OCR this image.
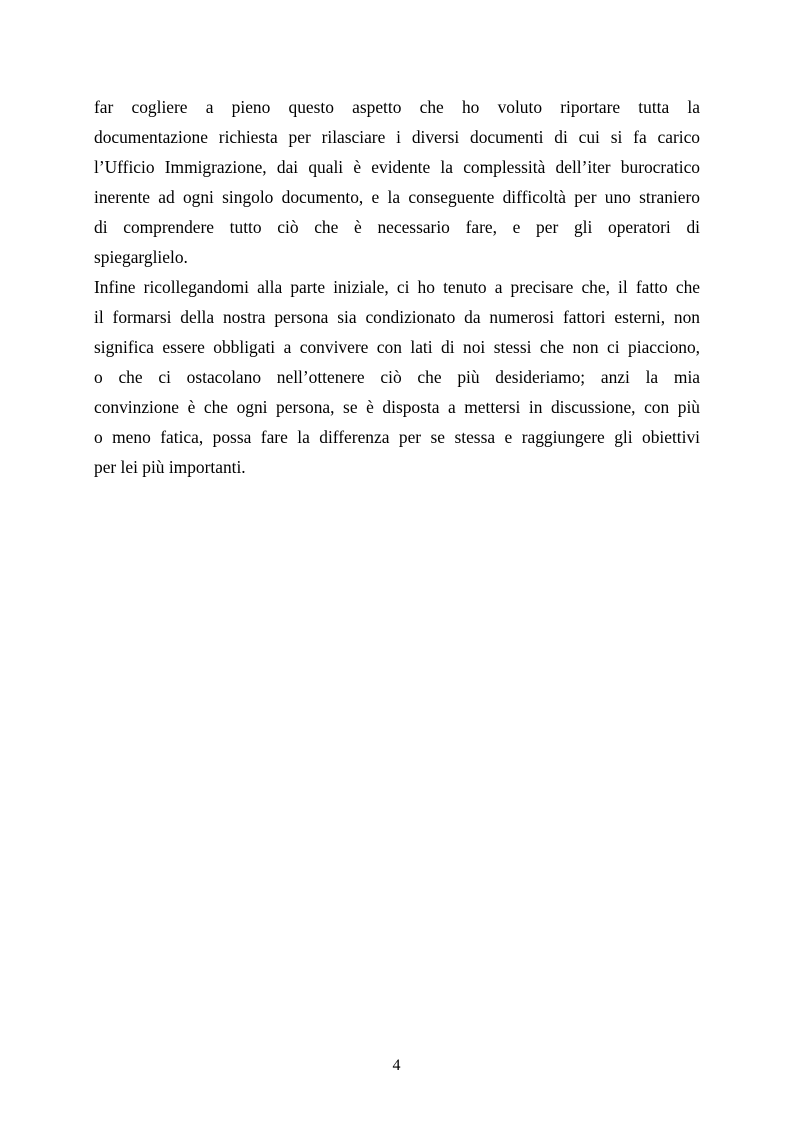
far cogliere a pieno questo aspetto che ho voluto riportare tutta la
documentazione richiesta per rilasciare i diversi documenti di cui si fa carico
l’Ufficio Immigrazione, dai quali è evidente la complessità dell’iter burocratico
inerente ad ogni singolo documento, e la conseguente difficoltà per uno straniero
di comprendere tutto ciò che è necessario fare, e per gli operatori di
spiegarglielo.
Infine ricollegandomi alla parte iniziale, ci ho tenuto a precisare che, il fatto che
il formarsi della nostra persona sia condizionato da numerosi fattori esterni, non
significa essere obbligati a convivere con lati di noi stessi che non ci piacciono,
o che ci ostacolano nell’ottenere ciò che più desideriamo; anzi la mia
convinzione è che ogni persona, se è disposta a mettersi in discussione, con più
o meno fatica, possa fare la differenza per se stessa e raggiungere gli obiettivi
per lei più importanti.
4
